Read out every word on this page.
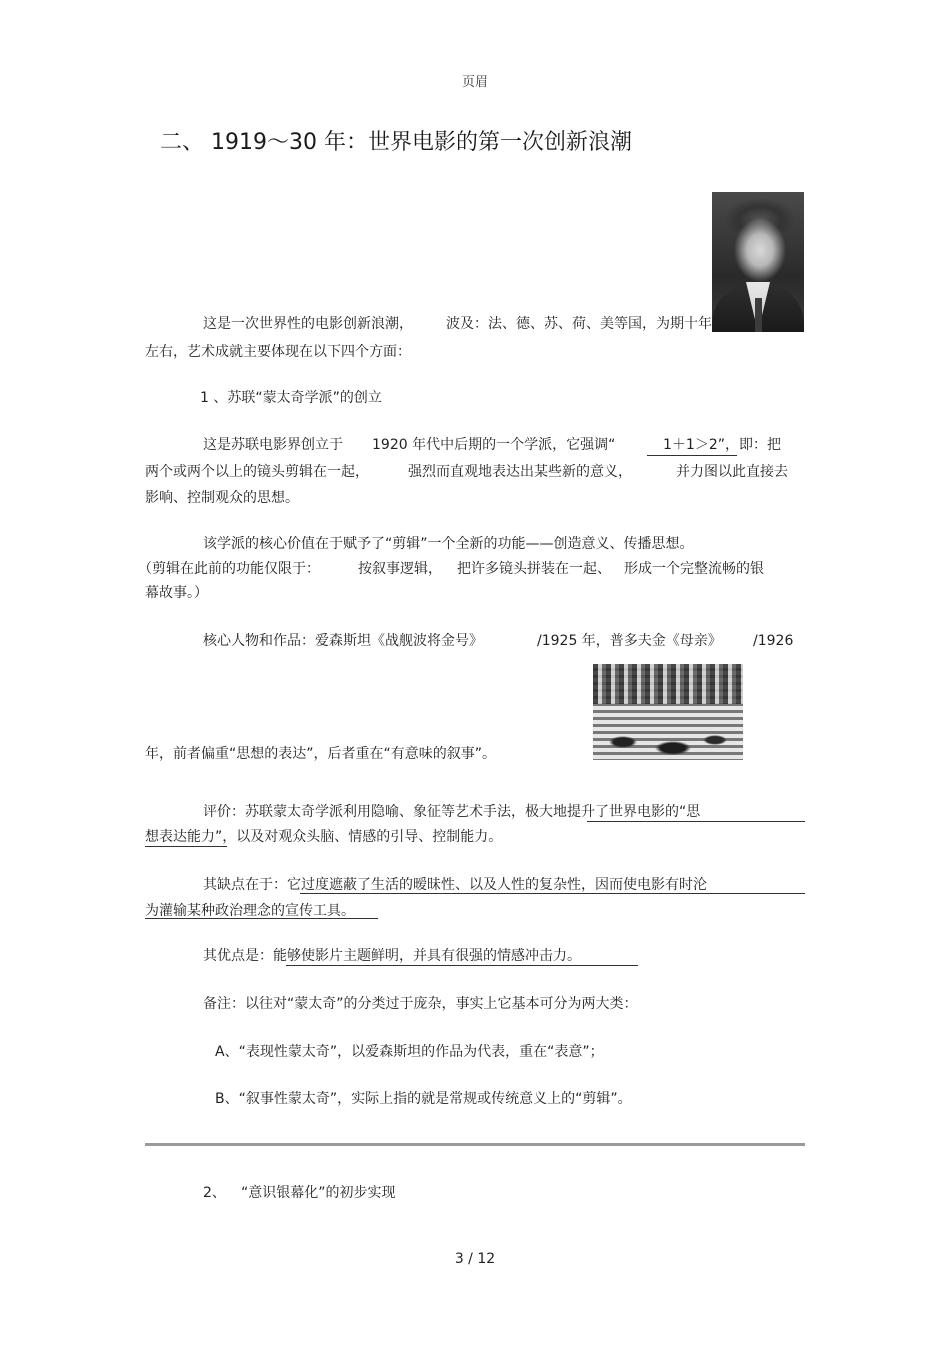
页眉
二、 1919～30 年：世界电影的第一次创新浪潮
这是一次世界性的电影创新浪潮， 波及：法、德、苏、荷、美等国，为期十年
左右，艺术成就主要体现在以下四个方面：
1 、苏联“蒙太奇学派”的创立
这是苏联电影界创立于 1920 年代中后期的一个学派，它强调“	1＋1＞2”，即：把
两个或两个以上的镜头剪辑在一起，	强烈而直观地表达出某些新的意义，	并力图以此直接去
影响、控制观众的思想。
该学派的核心价值在于赋予了“剪辑”一个全新的功能——创造意义、传播思想。
（剪辑在此前的功能仅限于：	按叙事逻辑， 把许多镜头拼装在一起、 形成一个完整流畅的银
幕故事。）
核心人物和作品：爱森斯坦《战舰波将金号》	/1925 年，普多夫金《母亲》 /1926
年，前者偏重“思想的表达”，后者重在“有意味的叙事”。
评价：苏联蒙太奇学派利用隐喻、象征等艺术手法，极大地提升了世界电影的“思
想表达能力”，以及对观众头脑、情感的引导、控制能力。
其缺点在于：它过度遮蔽了生活的暧昧性、以及人性的复杂性，因而使电影有时沦
为灌输某种政治理念的宣传工具。
其优点是：能够使影片主题鲜明，并具有很强的情感冲击力。
备注：以往对“蒙太奇”的分类过于庞杂，事实上它基本可分为两大类：
A、“表现性蒙太奇”，以爱森斯坦的作品为代表，重在“表意”；
B、“叙事性蒙太奇”，实际上指的就是常规或传统意义上的“剪辑”。
2、 “意识银幕化”的初步实现
3 / 12
